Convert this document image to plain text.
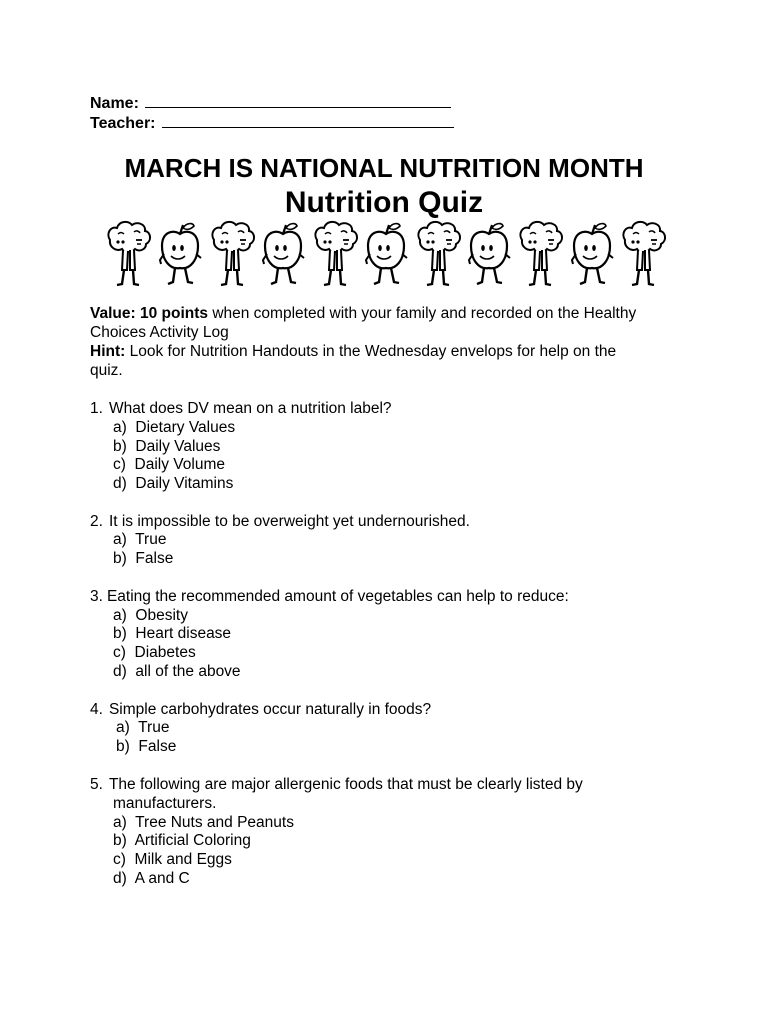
Name:
Teacher:
MARCH IS NATIONAL NUTRITION MONTH
Nutrition Quiz
Value: 10 points when completed with your family and recorded on the Healthy
Choices Activity Log
Hint: Look for Nutrition Handouts in the Wednesday envelops for help on the
quiz.
1. What does DV mean on a nutrition label?
a) Dietary Values
b) Daily Values
c) Daily Volume
d) Daily Vitamins
2. It is impossible to be overweight yet undernourished.
a) True
b) False
3. Eating the recommended amount of vegetables can help to reduce:
a) Obesity
b) Heart disease
c) Diabetes
d) all of the above
4. Simple carbohydrates occur naturally in foods?
a) True
b) False
5. The following are major allergenic foods that must be clearly listed by
manufacturers.
a) Tree Nuts and Peanuts
b) Artificial Coloring
c) Milk and Eggs
d) A and C
